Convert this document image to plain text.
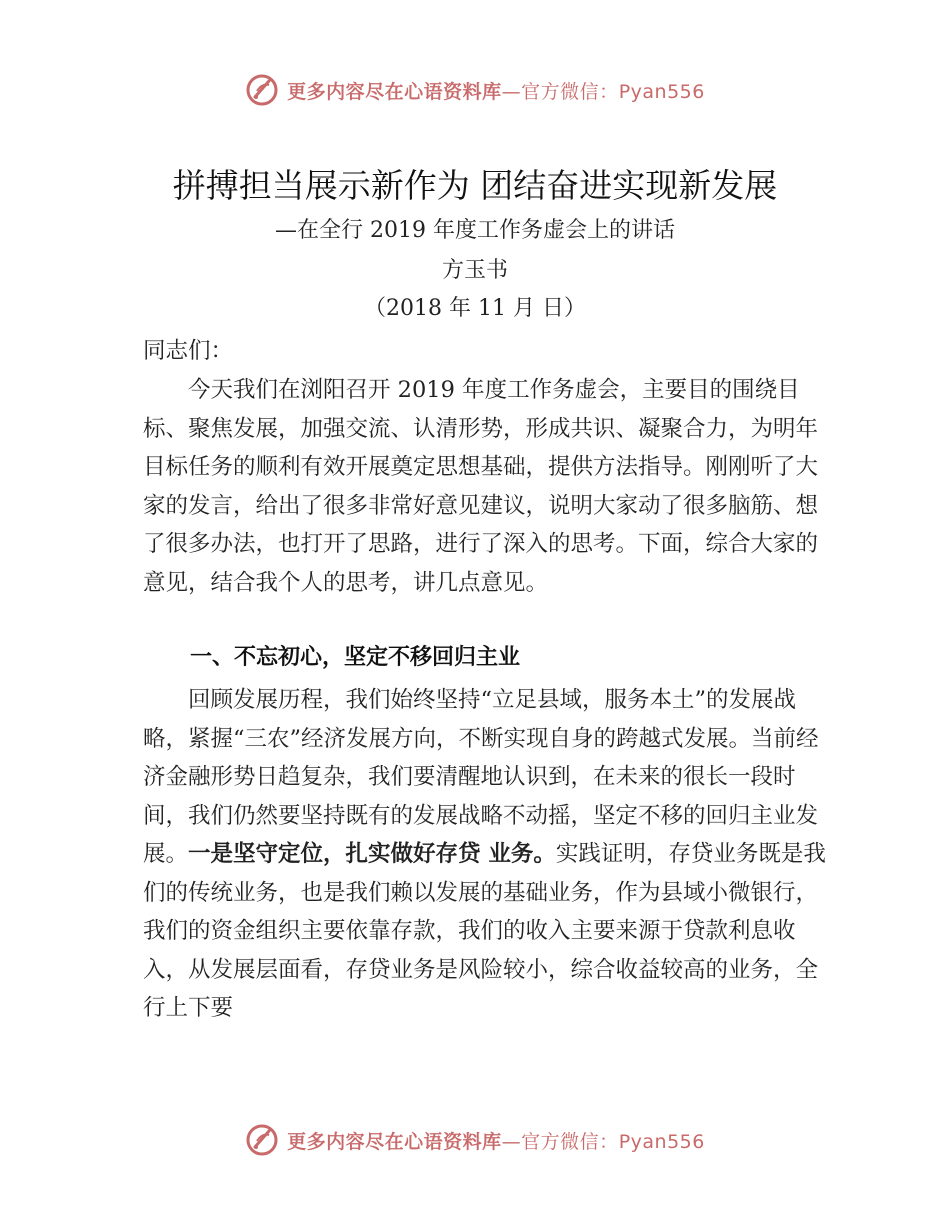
更多内容尽在心语资料库—官方微信：Pyan556
拼搏担当展示新作为 团结奋进实现新发展
—在全行 2019 年度工作务虚会上的讲话
方玉书
（2018 年 11 月 日）
同志们：

今天我们在浏阳召开 2019 年度工作务虚会，主要目的围绕目标、聚焦发展，加强交流、认清形势，形成共识、凝聚合力，为明年目标任务的顺利有效开展奠定思想基础，提供方法指导。刚刚听了大家的发言，给出了很多非常好意见建议，说明大家动了很多脑筋、想了很多办法，也打开了思路，进行了深入的思考。下面，综合大家的意见，结合我个人的思考，讲几点意见。

一、不忘初心，坚定不移回归主业

回顾发展历程，我们始终坚持“立足县域，服务本土”的发展战略，紧握“三农”经济发展方向，不断实现自身的跨越式发展。当前经济金融形势日趋复杂，我们要清醒地认识到，在未来的很长一段时间，我们仍然要坚持既有的发展战略不动摇，坚定不移的回归主业发展。一是坚守定位，扎实做好存贷 业务。实践证明，存贷业务既是我们的传统业务，也是我们赖以发展的基础业务，作为县域小微银行，我们的资金组织主要依靠存款，我们的收入主要来源于贷款利息收入，从发展层面看，存贷业务是风险较小，综合收益较高的业务，全行上下要

更多内容尽在心语资料库—官方微信：Pyan556
